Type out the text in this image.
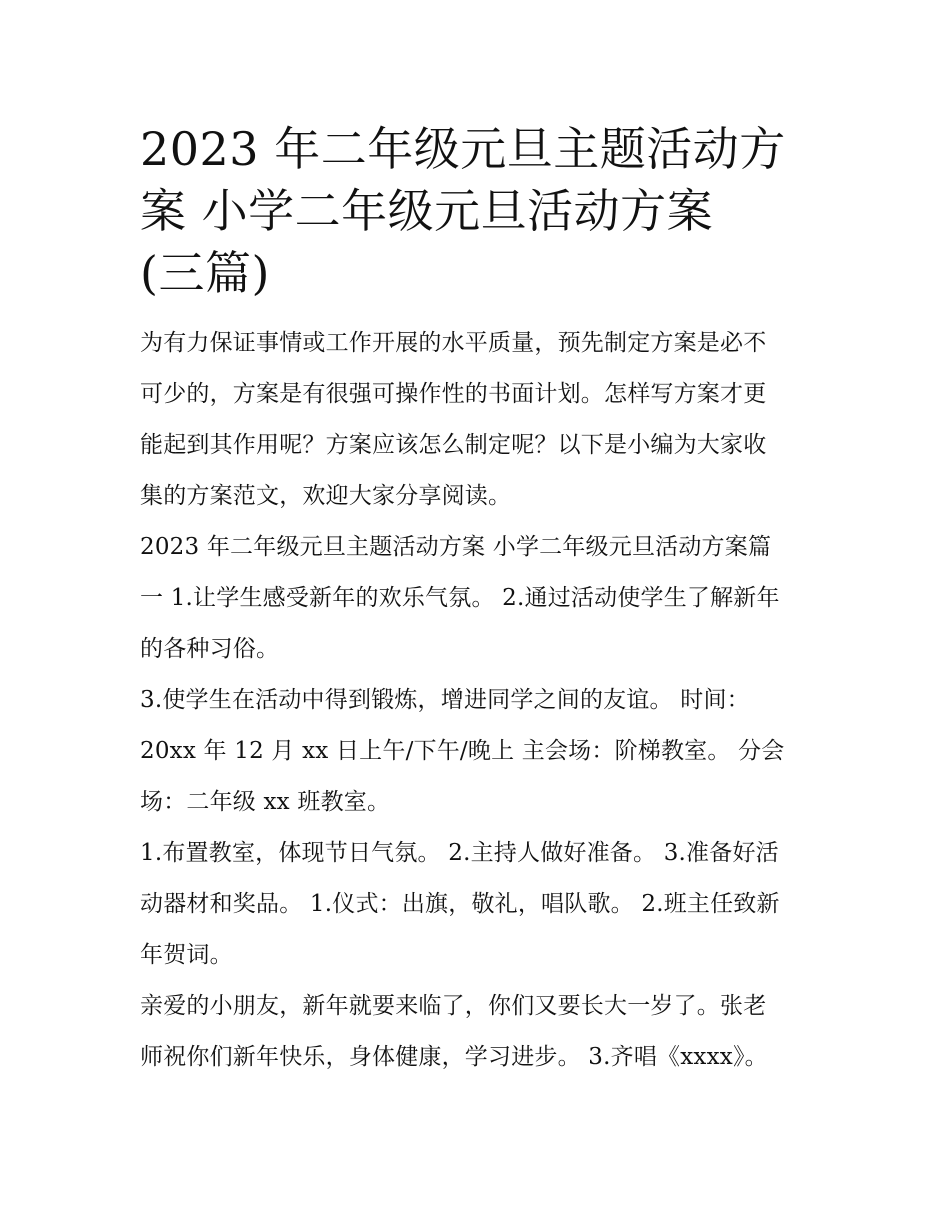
2023 年二年级元旦主题活动方
案 小学二年级元旦活动方案
(三篇)

为有力保证事情或工作开展的水平质量，预先制定方案是必不
可少的，方案是有很强可操作性的书面计划。怎样写方案才更
能起到其作用呢？方案应该怎么制定呢？以下是小编为大家收
集的方案范文，欢迎大家分享阅读。

2023 年二年级元旦主题活动方案 小学二年级元旦活动方案篇
一 1.让学生感受新年的欢乐气氛。 2.通过活动使学生了解新年
的各种习俗。

3.使学生在活动中得到锻炼，增进同学之间的友谊。 时间：
20xx 年 12 月 xx 日上午/下午/晚上 主会场：阶梯教室。 分会
场：二年级 xx 班教室。

1.布置教室，体现节日气氛。 2.主持人做好准备。 3.准备好活
动器材和奖品。 1.仪式：出旗，敬礼，唱队歌。 2.班主任致新
年贺词。

亲爱的小朋友，新年就要来临了，你们又要长大一岁了。张老
师祝你们新年快乐，身体健康，学习进步。 3.齐唱《xxxx》。
